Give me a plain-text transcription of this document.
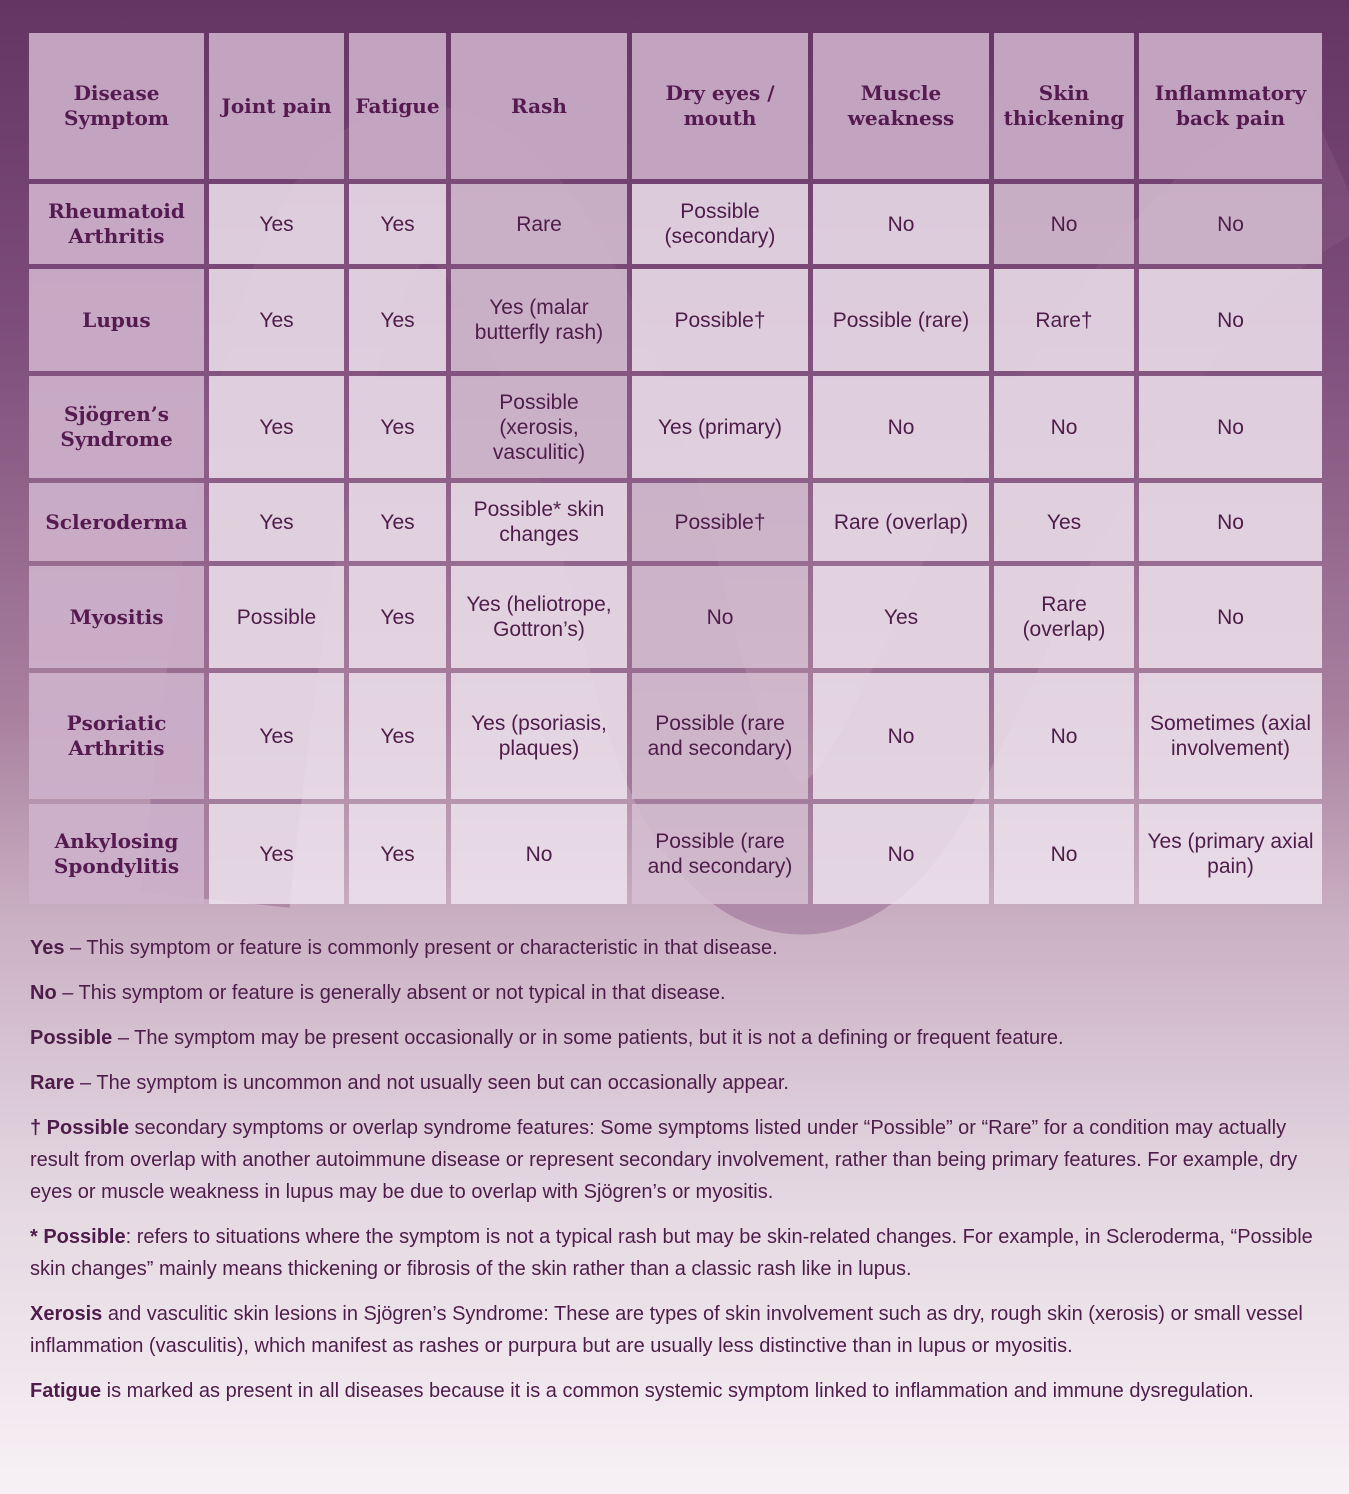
Disease Symptom	Joint pain	Fatigue	Rash	Dry eyes / mouth	Muscle weakness	Skin thickening	Inflammatory back pain
Rheumatoid Arthritis	Yes	Yes	Rare	Possible (secondary)	No	No	No
Lupus	Yes	Yes	Yes (malar butterfly rash)	Possible†	Possible (rare)	Rare†	No
Sjögren’s Syndrome	Yes	Yes	Possible (xerosis, vasculitic)	Yes (primary)	No	No	No
Scleroderma	Yes	Yes	Possible* skin changes	Possible†	Rare (overlap)	Yes	No
Myositis	Possible	Yes	Yes (heliotrope, Gottron’s)	No	Yes	Rare (overlap)	No
Psoriatic Arthritis	Yes	Yes	Yes (psoriasis, plaques)	Possible (rare and secondary)	No	No	Sometimes (axial involvement)
Ankylosing Spondylitis	Yes	Yes	No	Possible (rare and secondary)	No	No	Yes (primary axial pain)

Yes – This symptom or feature is commonly present or characteristic in that disease.

No – This symptom or feature is generally absent or not typical in that disease.

Possible – The symptom may be present occasionally or in some patients, but it is not a defining or frequent feature.

Rare – The symptom is uncommon and not usually seen but can occasionally appear.

† Possible secondary symptoms or overlap syndrome features: Some symptoms listed under “Possible” or “Rare” for a condition may actually result from overlap with another autoimmune disease or represent secondary involvement, rather than being primary features. For example, dry eyes or muscle weakness in lupus may be due to overlap with Sjögren’s or myositis.

* Possible: refers to situations where the symptom is not a typical rash but may be skin-related changes. For example, in Scleroderma, “Possible skin changes” mainly means thickening or fibrosis of the skin rather than a classic rash like in lupus.

Xerosis and vasculitic skin lesions in Sjögren’s Syndrome: These are types of skin involvement such as dry, rough skin (xerosis) or small vessel inflammation (vasculitis), which manifest as rashes or purpura but are usually less distinctive than in lupus or myositis.

Fatigue is marked as present in all diseases because it is a common systemic symptom linked to inflammation and immune dysregulation.
